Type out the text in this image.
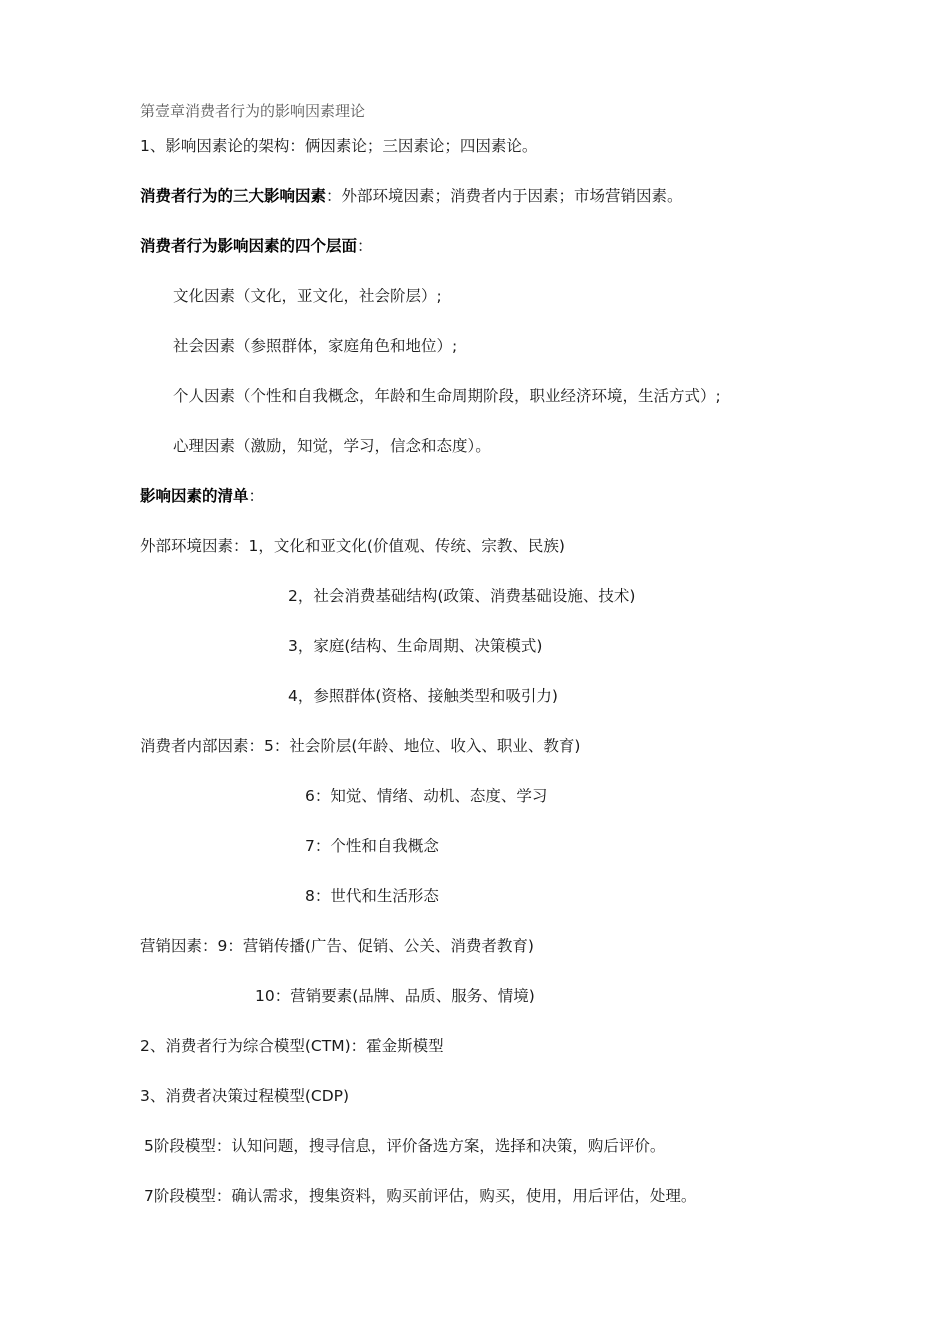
第壹章消费者行为的影响因素理论
1、影响因素论的架构：俩因素论；三因素论；四因素论。
消费者行为的三大影响因素：外部环境因素；消费者内于因素；市场营销因素。
消费者行为影响因素的四个层面：
文化因素（文化，亚文化，社会阶层）;
社会因素（参照群体，家庭角色和地位）;
个人因素（个性和自我概念，年龄和生命周期阶段，职业经济环境，生活方式）;
心理因素（激励，知觉，学习，信念和态度）。
影响因素的清单：
外部环境因素：1，文化和亚文化(价值观、传统、宗教、民族)
2，社会消费基础结构(政策、消费基础设施、技术)
3，家庭(结构、生命周期、决策模式)
4，参照群体(资格、接触类型和吸引力)
消费者内部因素：5：社会阶层(年龄、地位、收入、职业、教育)
6：知觉、情绪、动机、态度、学习
7：个性和自我概念
8：世代和生活形态
营销因素：9：营销传播(广告、促销、公关、消费者教育)
10：营销要素(品牌、品质、服务、情境)
2、消费者行为综合模型(CTM)：霍金斯模型
3、消费者决策过程模型(CDP)
5阶段模型：认知问题，搜寻信息，评价备选方案，选择和决策，购后评价。
7阶段模型：确认需求，搜集资料，购买前评估，购买，使用，用后评估，处理。
